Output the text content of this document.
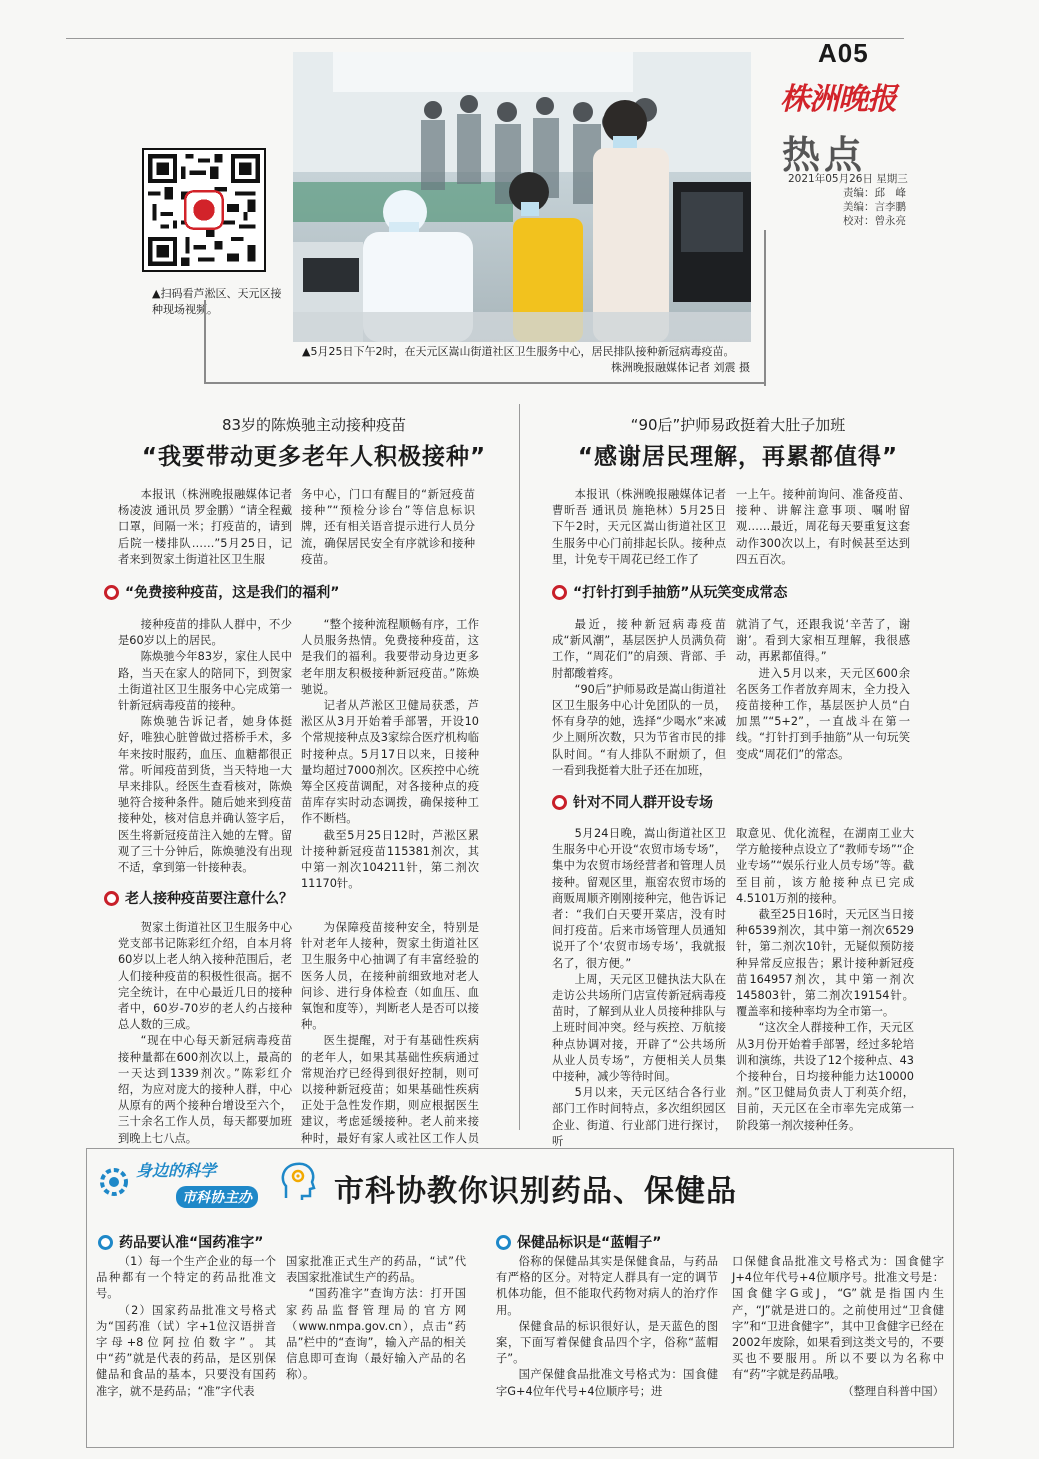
A05
株洲晚报
热点
2021年05月26日 星期三
责编：邱　峰
美编：言李鹏
校对：曾永亮
▲扫码看芦淞区、天元区接种现场视频。
▲5月25日下午2时，在天元区嵩山街道社区卫生服务中心，居民排队接种新冠病毒疫苗。
株洲晚报融媒体记者 刘震 摄
83岁的陈焕驰主动接种疫苗
“我要带动更多老年人积极接种”

本报讯（株洲晚报融媒体记者 杨凌波 通讯员 罗金鹏）“请全程戴口罩，间隔一米；打疫苗的，请到后院一楼排队……”5月25日，记者来到贺家土街道社区卫生服

务中心，门口有醒目的“新冠疫苗接种”“预检分诊台”等信息标识牌，还有相关语音提示进行人员分流，确保居民安全有序就诊和接种疫苗。

“免费接种疫苗，这是我们的福利”

接种疫苗的排队人群中，不少是60岁以上的居民。

陈焕驰今年83岁，家住人民中路，当天在家人的陪同下，到贺家土街道社区卫生服务中心完成第一针新冠病毒疫苗的接种。

陈焕驰告诉记者，她身体挺好，唯独心脏曾做过搭桥手术，多年来按时服药，血压、血糖都很正常。听闻疫苗到货，当天特地一大早来排队。经医生查看核对，陈焕驰符合接种条件。随后她来到疫苗接种处，核对信息并确认签字后，医生将新冠疫苗注入她的左臂。留观了三十分钟后，陈焕驰没有出现不适，拿到第一针接种表。

“整个接种流程顺畅有序，工作人员服务热情。免费接种疫苗，这是我们的福利。我要带动身边更多老年朋友积极接种新冠疫苗。”陈焕驰说。

记者从芦淞区卫健局获悉，芦淞区从3月开始着手部署，开设10个常规接种点及3家综合医疗机构临时接种点。5月17日以来，日接种量均超过7000剂次。区疾控中心统筹全区疫苗调配，对各接种点的疫苗库存实时动态调拨，确保接种工作不断档。

截至5月25日12时，芦淞区累计接种新冠疫苗115381剂次，其中第一剂次104211针，第二剂次11170针。

老人接种疫苗要注意什么？

贺家土街道社区卫生服务中心党支部书记陈彩红介绍，自本月将60岁以上老人纳入接种范围后，老人们接种疫苗的积极性很高。据不完全统计，在中心最近几日的接种者中，60岁-70岁的老人约占接种总人数的三成。

“现在中心每天新冠病毒疫苗接种量都在600剂次以上，最高的一天达到1339剂次。”陈彩红介绍，为应对庞大的接种人群，中心从原有的两个接种台增设至六个，三十余名工作人员，每天都要加班到晚上七八点。

为保障疫苗接种安全，特别是针对老年人接种，贺家土街道社区卫生服务中心抽调了有丰富经验的医务人员，在接种前细致地对老人问诊、进行身体检查（如血压、血氧饱和度等），判断老人是否可以接种。

医生提醒，对于有基础性疾病的老年人，如果其基础性疾病通过常规治疗已经得到很好控制，则可以接种新冠疫苗；如果基础性疾病正处于急性发作期，则应根据医生建议，考虑延缓接种。老人前来接种时，最好有家人或社区工作人员

“90后”护师易政挺着大肚子加班
“感谢居民理解，再累都值得”

本报讯（株洲晚报融媒体记者 曹昕吾 通讯员 施艳林）5月25日下午2时，天元区嵩山街道社区卫生服务中心门前排起长队。接种点里，计免专干周花已经工作了

一上午。接种前询问、准备疫苗、接种、讲解注意事项、嘱咐留观……最近，周花每天要重复这套动作300次以上，有时候甚至达到四五百次。

“打针打到手抽筋”从玩笑变成常态

最近，接种新冠病毒疫苗成“新风潮”，基层医护人员满负荷工作，“周花们”的肩颈、背部、手肘都酸着疼。

“90后”护师易政是嵩山街道社区卫生服务中心计免团队的一员，怀有身孕的她，选择“少喝水”来减少上厕所次数，只为节省市民的排队时间。“有人排队不耐烦了，但一看到我挺着大肚子还在加班，

就消了气，还跟我说‘辛苦了，谢谢’。看到大家相互理解，我很感动，再累都值得。”

进入5月以来，天元区600余名医务工作者放弃周末，全力投入疫苗接种工作，基层医护人员“白加黑”“5+2”，一直战斗在第一线。“打针打到手抽筋”从一句玩笑变成“周花们”的常态。

针对不同人群开设专场

5月24日晚，嵩山街道社区卫生服务中心开设“农贸市场专场”，集中为农贸市场经营者和管理人员接种。留观区里，瓶窑农贸市场的商贩周顺齐刚刚接种完，他告诉记者：“我们白天要开菜店，没有时间打疫苗。后来市场管理人员通知说开了个‘农贸市场专场’，我就报名了，很方便。”

上周，天元区卫健执法大队在走访公共场所门店宣传新冠病毒疫苗时，了解到从业人员接种排队与上班时间冲突。经与疾控、万航接种点协调对接，开辟了“公共场所从业人员专场”，方便相关人员集中接种，减少等待时间。

5月以来，天元区结合各行业部门工作时间特点，多次组织园区企业、街道、行业部门进行探讨，听

取意见、优化流程，在湖南工业大学方舱接种点设立了“教师专场”“企业专场”“娱乐行业人员专场”等。截至目前，该方舱接种点已完成4.5101万剂的接种。

截至25日16时，天元区当日接种6539剂次，其中第一剂次6529针，第二剂次10针，无疑似预防接种异常反应报告；累计接种新冠疫苗164957剂次，其中第一剂次145803针，第二剂次19154针。覆盖率和接种率均为全市第一。

“这次全人群接种工作，天元区从3月份开始着手部署，经过多轮培训和演练，共设了12个接种点、43个接种台，日均接种能力达10000剂。”区卫健局负责人丁利英介绍，目前，天元区在全市率先完成第一阶段第一剂次接种任务。

身边的科学
市科协主办	市科协教你识别药品、保健品
药品要认准“国药准字”

（1）每一个生产企业的每一个品种都有一个特定的药品批准文号。

（2）国家药品批准文号格式为“国药准（试）字+1位汉语拼音字母+8位阿拉伯数字”。其中“药”就是代表的药品，是区别保健品和食品的基本，只要没有国药准字，就不是药品；“准”字代表

国家批准正式生产的药品，“试”代表国家批准试生产的药品。

“国药准字”查询方法：打开国家药品监督管理局的官方网（www.nmpa.gov.cn），点击“药品”栏中的“查询”，输入产品的相关信息即可查询（最好输入产品的名称）。

保健品标识是“蓝帽子”

俗称的保健品其实是保健食品，与药品有严格的区分。对特定人群具有一定的调节机体功能，但不能取代药物对病人的治疗作用。

保健食品的标识很好认，是天蓝色的图案，下面写着保健食品四个字，俗称“蓝帽子”。

国产保健食品批准文号格式为：国食健字G+4位年代号+4位顺序号；进

口保健食品批准文号格式为：国食健字J+4位年代号+4位顺序号。批准文号是：国食健字G或J，“G”就是指国内生产，“J”就是进口的。之前使用过“卫食健字”和“卫进食健字”，其中卫食健字已经在2002年废除，如果看到这类文号的，不要买也不要服用。所以不要以为名称中有“药”字就是药品哦。

（整理自科普中国）
